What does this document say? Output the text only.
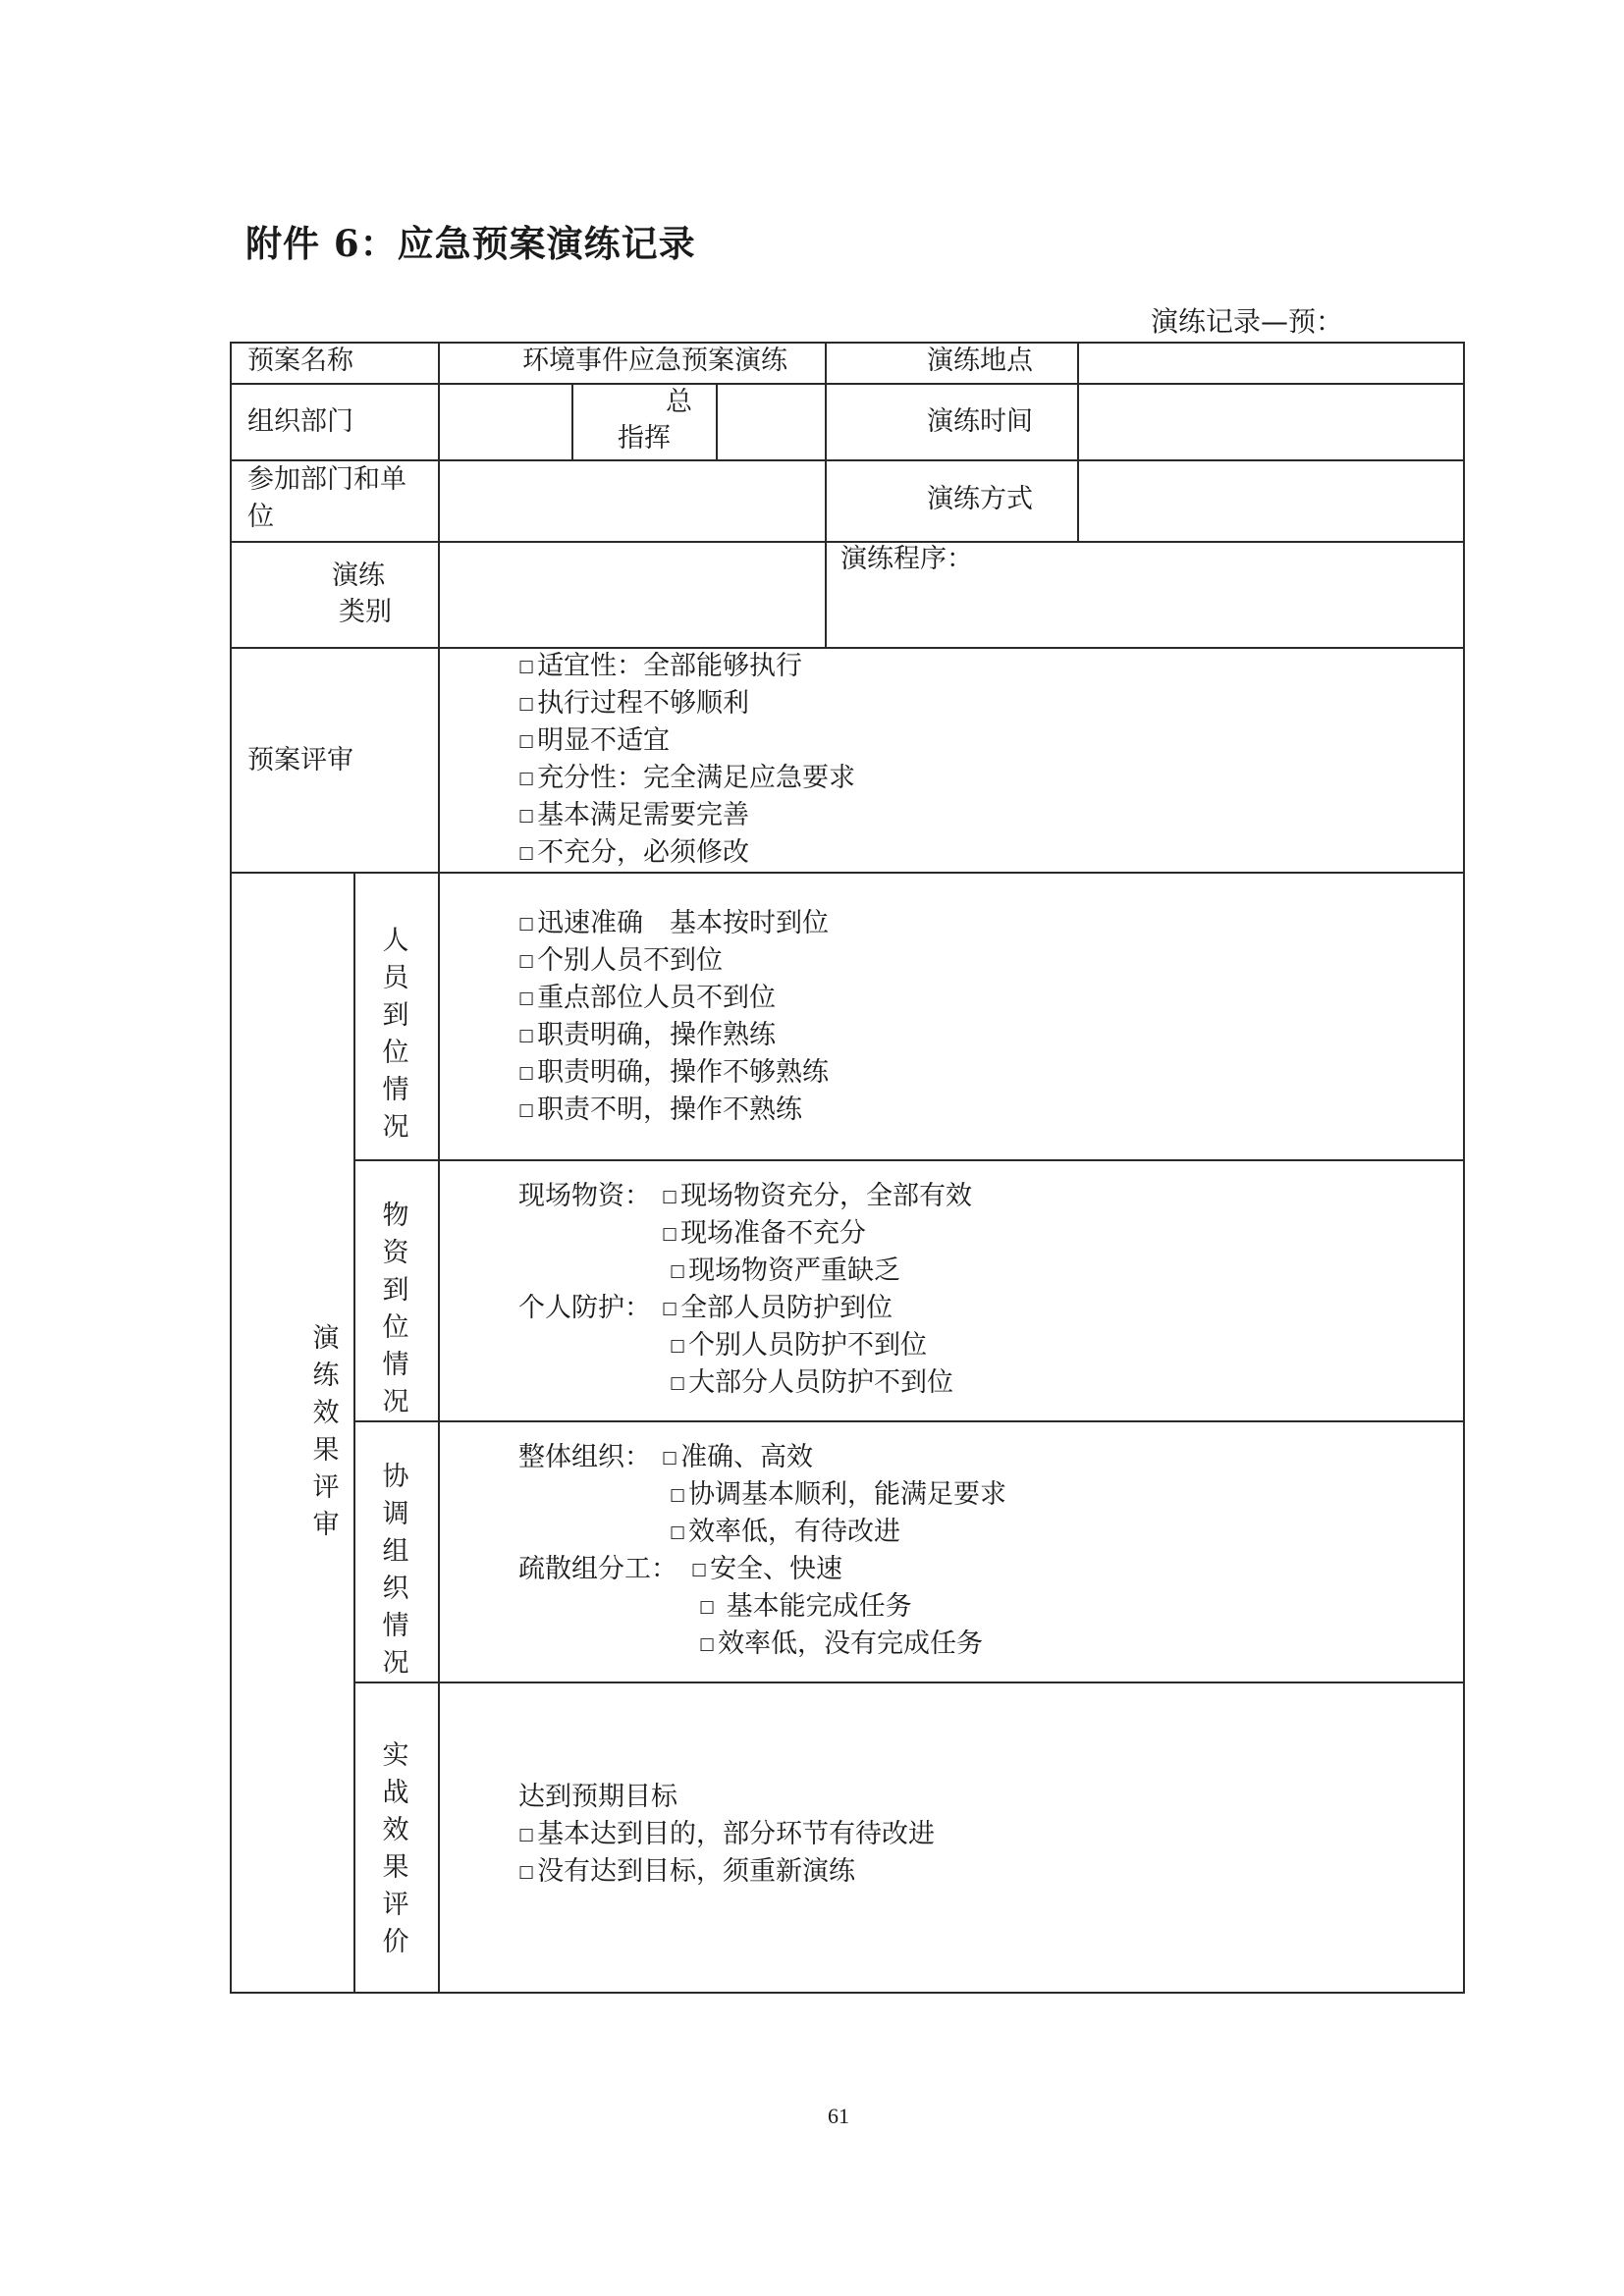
附件 6：应急预案演练记录
演练记录—预：
预案名称	环境事件应急预案演练	演练地点
组织部门
总
指挥
演练时间
参加部门和单
位
演练方式
演练
类别
演练程序：
预案评审
□ 适宜性：全部能够执行
□ 执行过程不够顺利
□ 明显不适宜
□ 充分性：完全满足应急要求
□ 基本满足需要完善
□ 不充分，必须修改
演
练
效
果
评
审
人
员
到
位
情
况
□ 迅速准确　基本按时到位
□ 个别人员不到位
□ 重点部位人员不到位
□ 职责明确，操作熟练
□ 职责明确，操作不够熟练
□ 职责不明，操作不熟练
物
资
到
位
情
况
现场物资： □ 现场物资充分，全部有效
□ 现场准备不充分
□ 现场物资严重缺乏
个人防护： □ 全部人员防护到位
□ 个别人员防护不到位
□ 大部分人员防护不到位
协
调
组
织
情
况
整体组织： □ 准确、高效
□ 协调基本顺利，能满足要求
□ 效率低，有待改进
疏散组分工： □ 安全、快速
□ 基本能完成任务
□ 效率低，没有完成任务
实
战
效
果
评
价
达到预期目标
□ 基本达到目的，部分环节有待改进
□ 没有达到目标，须重新演练
61
